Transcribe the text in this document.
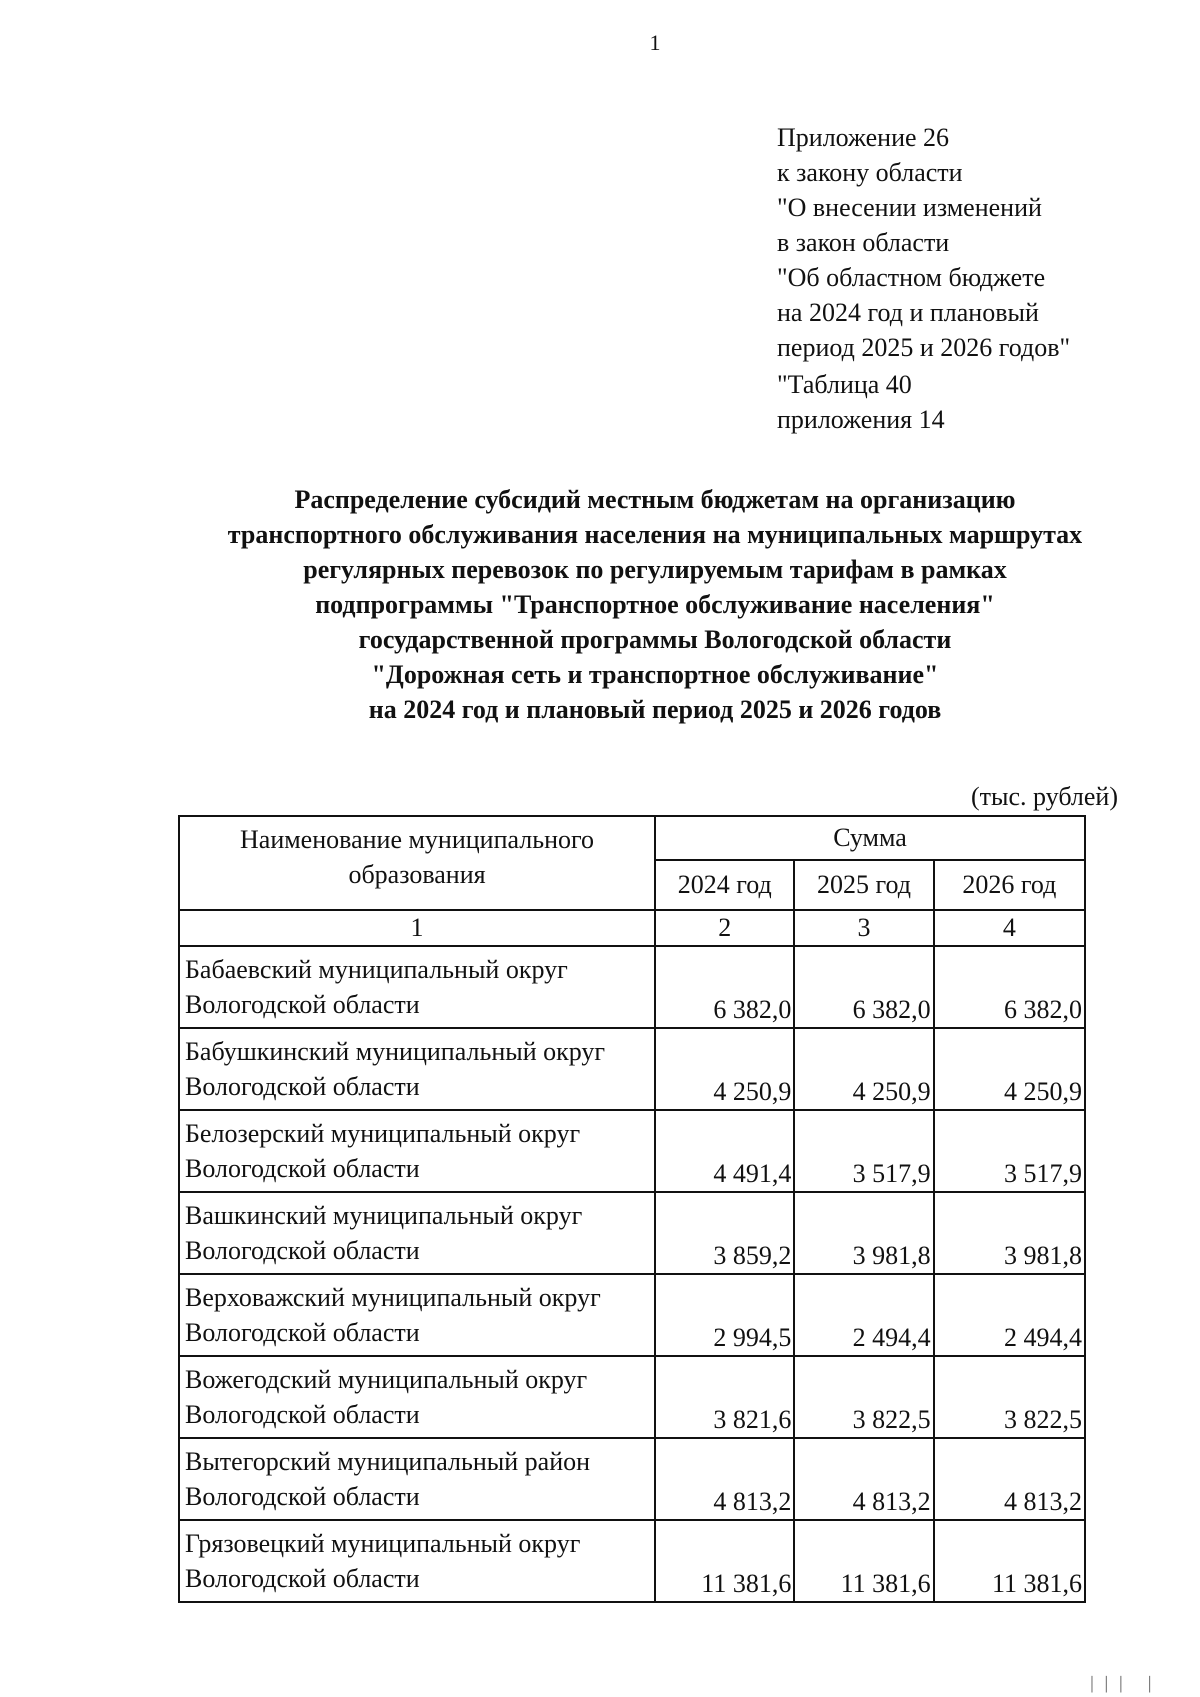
1
Приложение 26
к закону области
"О внесении изменений
в закон области
"Об областном бюджете
на 2024 год и плановый
период 2025 и 2026 годов"
"Таблица 40
приложения 14
Распределение субсидий местным бюджетам на организацию
транспортного обслуживания населения на муниципальных маршрутах
регулярных перевозок по регулируемым тарифам в рамках
подпрограммы "Транспортное обслуживание населения"
государственной программы Вологодской области
"Дорожная сеть и транспортное обслуживание"
на 2024 год и плановый период 2025 и 2026 годов
(тыс. рублей)
Наименование муниципального
образования	Сумма		
	2024 год	2025 год	2026 год
1	2	3	4

Бабаевский муниципальный округ
Вологодской области	6 382,0	6 382,0	6 382,0

Бабушкинский муниципальный округ
Вологодской области	4 250,9	4 250,9	4 250,9

Белозерский муниципальный округ
Вологодской области	4 491,4	3 517,9	3 517,9

Вашкинский муниципальный округ
Вологодской области	3 859,2	3 981,8	3 981,8

Верховажский муниципальный округ
Вологодской области	2 994,5	2 494,4	2 494,4

Вожегодский муниципальный округ
Вологодской области	3 821,6	3 822,5	3 822,5

Вытегорский муниципальный район
Вологодской области	4 813,2	4 813,2	4 813,2

Грязовецкий муниципальный округ
Вологодской области	11 381,6	11 381,6	11 381,6
│││ │
